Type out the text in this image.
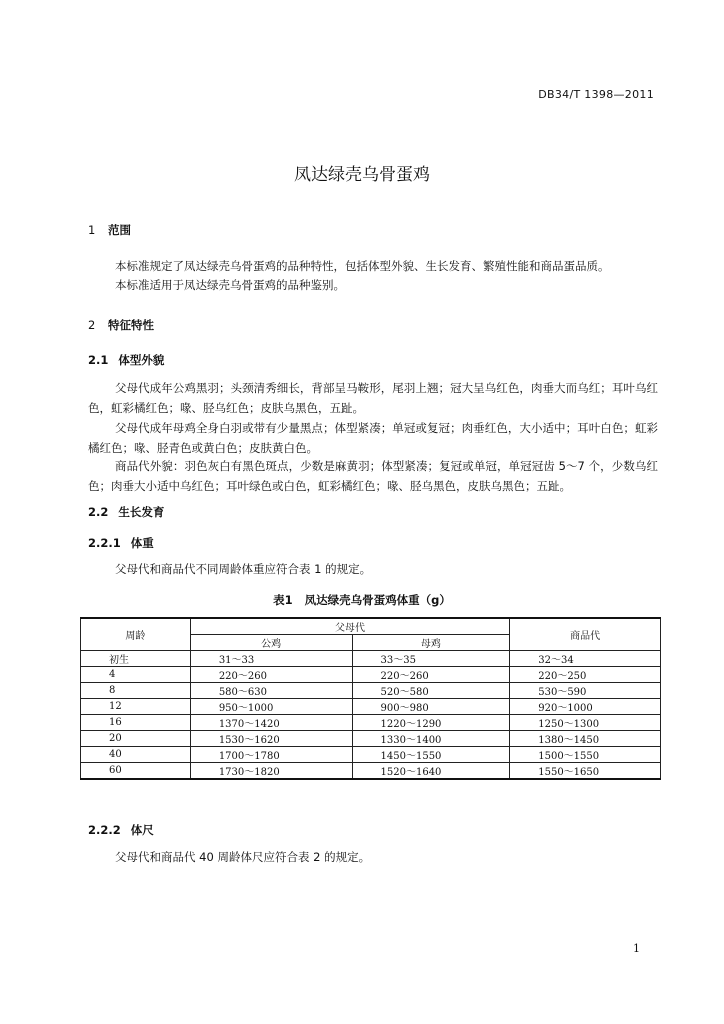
DB34/T 1398—2011
凤达绿壳乌骨蛋鸡
1 范围

本标准规定了凤达绿壳乌骨蛋鸡的品种特性，包括体型外貌、生长发育、繁殖性能和商品蛋品质。

本标准适用于凤达绿壳乌骨蛋鸡的品种鉴别。

2 特征特性
2.1 体型外貌

父母代成年公鸡黑羽；头颈清秀细长，背部呈马鞍形，尾羽上翘；冠大呈乌红色，肉垂大而乌红；耳叶乌红色，虹彩橘红色；喙、胫乌红色；皮肤乌黑色，五趾。

父母代成年母鸡全身白羽或带有少量黑点；体型紧凑；单冠或复冠；肉垂红色，大小适中；耳叶白色；虹彩橘红色；喙、胫青色或黄白色；皮肤黄白色。

商品代外貌：羽色灰白有黑色斑点，少数是麻黄羽；体型紧凑；复冠或单冠，单冠冠齿 5～7 个，少数乌红色；肉垂大小适中乌红色；耳叶绿色或白色，虹彩橘红色；喙、胫乌黑色，皮肤乌黑色；五趾。

2.2 生长发育
2.2.1 体重

父母代和商品代不同周龄体重应符合表 1 的规定。

表1 凤达绿壳乌骨蛋鸡体重（g）
周龄	父母代		商品代
	公鸡	母鸡	
初生	31～33	33～35	32～34
4	220～260	220～260	220～250
8	580～630	520～580	530～590
12	950～1000	900～980	920～1000
16	1370～1420	1220～1290	1250～1300
20	1530～1620	1330～1400	1380～1450
40	1700～1780	1450～1550	1500～1550
60	1730～1820	1520～1640	1550～1650
2.2.2 体尺

父母代和商品代 40 周龄体尺应符合表 2 的规定。

1
